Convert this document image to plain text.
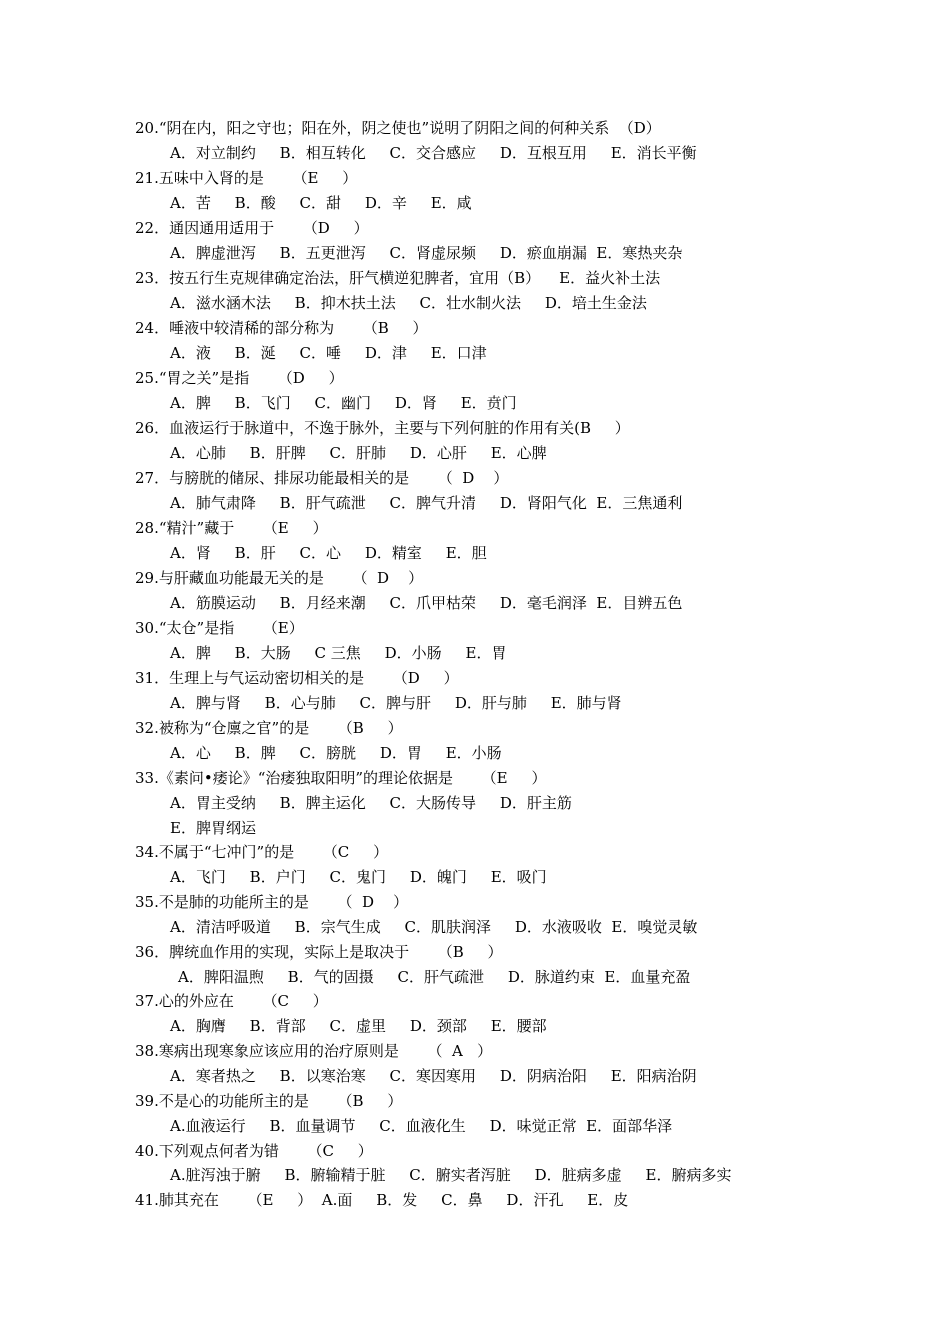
20.“阴在内，阳之守也；阳在外，阴之使也”说明了阴阳之间的何种关系  （D）
A．对立制约     B．相互转化     C．交合感应     D．互根互用     E．消长平衡
21.五味中入肾的是      （E     ）
A．苦     B．酸     C．甜     D．辛     E．咸
22．通因通用适用于      （D     ）
A．脾虚泄泻     B．五更泄泻     C．肾虚尿频     D．瘀血崩漏  E．寒热夹杂
23．按五行生克规律确定治法，肝气横逆犯脾者，宜用（B）    E．益火补土法
A．滋水涵木法     B．抑木扶土法     C．壮水制火法     D．培土生金法
24．唾液中较清稀的部分称为      （B     ）
A．液     B．涎     C．唾     D．津     E．口津
25.“胃之关”是指      （D     ）
A．脾     B．飞门     C．幽门     D．肾     E．贲门
26．血液运行于脉道中，不逸于脉外，主要与下列何脏的作用有关(B     ）
A．心肺     B．肝脾     C．肝肺     D．心肝     E．心脾
27．与膀胱的储尿、排尿功能最相关的是      （  D    ）
A．肺气肃降     B．肝气疏泄     C．脾气升清     D．肾阳气化  E．三焦通利
28.“精汁”藏于      （E     ）
A．肾     B．肝     C．心     D．精室     E．胆
29.与肝藏血功能最无关的是      （  D    ）
A．筋膜运动     B．月经来潮     C．爪甲枯荣     D．毫毛润泽  E．目辨五色
30.“太仓”是指      （E）
A．脾     B．大肠     C 三焦     D．小肠     E．胃
31．生理上与气运动密切相关的是      （D     ）
A．脾与肾     B．心与肺     C．脾与肝     D．肝与肺     E．肺与肾
32.被称为“仓廪之官”的是      （B     ）
A．心     B．脾     C．膀胱     D．胃     E．小肠
33.《素问•痿论》“治痿独取阳明”的理论依据是      （E     ）
A．胃主受纳     B．脾主运化     C．大肠传导     D．肝主筋
E．脾胃纲运
34.不属于“七冲门”的是      （C     ）
A．飞门     B．户门     C．鬼门     D．魄门     E．吸门
35.不是肺的功能所主的是      （  D    ）
A．清洁呼吸道     B．宗气生成     C．肌肤润泽     D．水液吸收  E．嗅觉灵敏
36．脾统血作用的实现，实际上是取决于      （B     ）
A．脾阳温煦     B．气的固摄     C．肝气疏泄     D．脉道约束  E．血量充盈
37.心的外应在      （C     ）
A．胸膺     B．背部     C．虚里     D．颈部     E．腰部
38.寒病出现寒象应该应用的治疗原则是      （  A   ）
A．寒者热之     B．以寒治寒     C．寒因寒用     D．阴病治阳     E．阳病治阴
39.不是心的功能所主的是      （B     ）
A.血液运行     B．血量调节     C．血液化生     D．味觉正常  E．面部华泽
40.下列观点何者为错      （C     ）
A.脏泻浊于腑     B．腑输精于脏     C．腑实者泻脏     D．脏病多虚     E．腑病多实
41.肺其充在      （E     ）  A.面     B．发     C．鼻     D．汗孔     E．皮
